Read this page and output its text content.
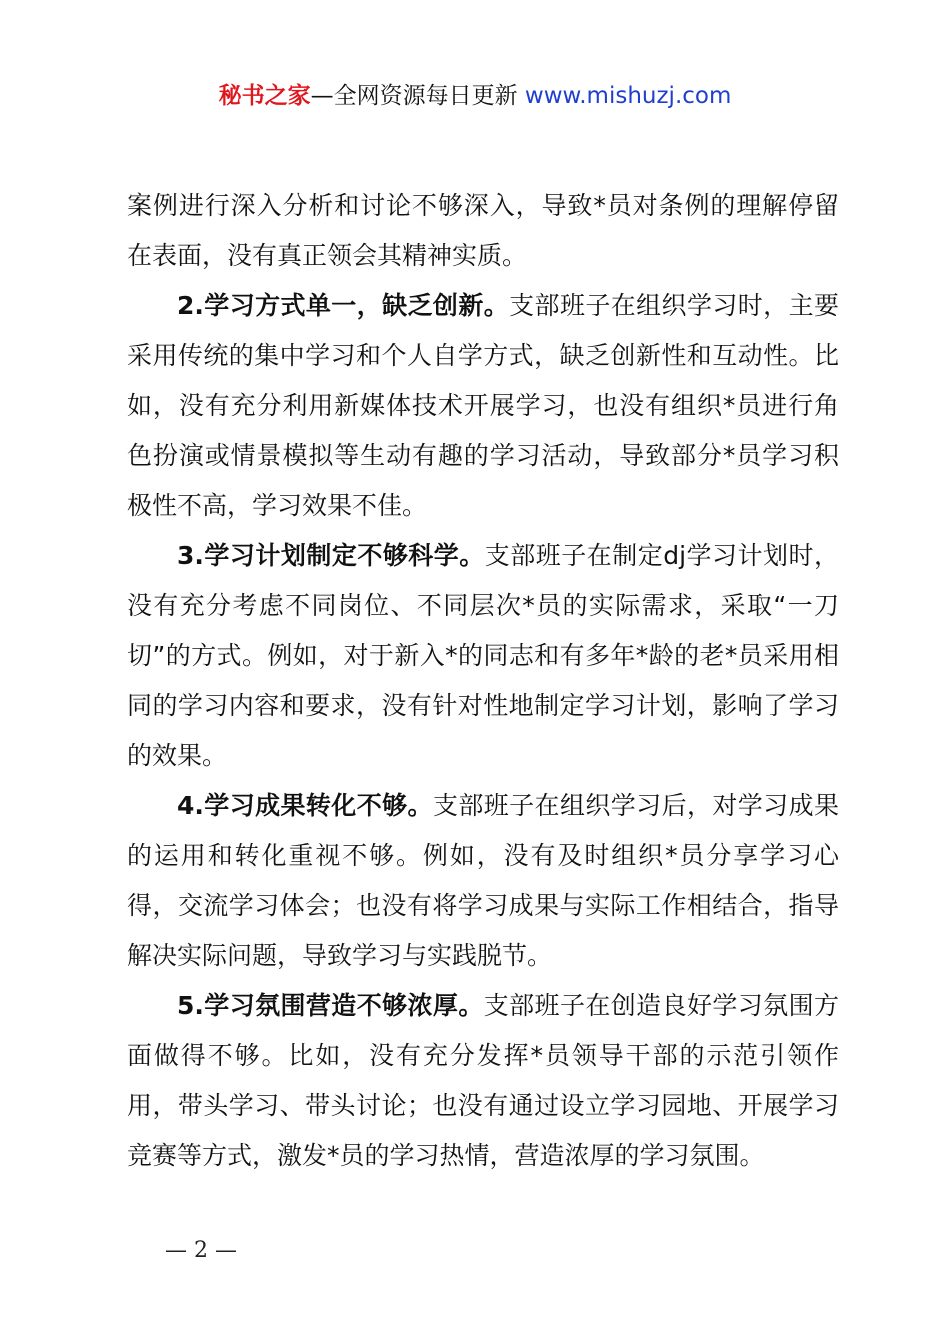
秘书之家—全网资源每日更新 www.mishuzj.com

案例进行深入分析和讨论不够深入，导致*员对条例的理解停留在表面，没有真正领会其精神实质。

2.学习方式单一，缺乏创新。支部班子在组织学习时，主要采用传统的集中学习和个人自学方式，缺乏创新性和互动性。比如，没有充分利用新媒体技术开展学习，也没有组织*员进行角色扮演或情景模拟等生动有趣的学习活动，导致部分*员学习积极性不高，学习效果不佳。

3.学习计划制定不够科学。支部班子在制定dj学习计划时，没有充分考虑不同岗位、不同层次*员的实际需求，采取“一刀切”的方式。例如，对于新入*的同志和有多年*龄的老*员采用相同的学习内容和要求，没有针对性地制定学习计划，影响了学习的效果。

4.学习成果转化不够。支部班子在组织学习后，对学习成果的运用和转化重视不够。例如，没有及时组织*员分享学习心得，交流学习体会；也没有将学习成果与实际工作相结合，指导解决实际问题，导致学习与实践脱节。

5.学习氛围营造不够浓厚。支部班子在创造良好学习氛围方面做得不够。比如，没有充分发挥*员领导干部的示范引领作用，带头学习、带头讨论；也没有通过设立学习园地、开展学习竞赛等方式，激发*员的学习热情，营造浓厚的学习氛围。

— 2 —
